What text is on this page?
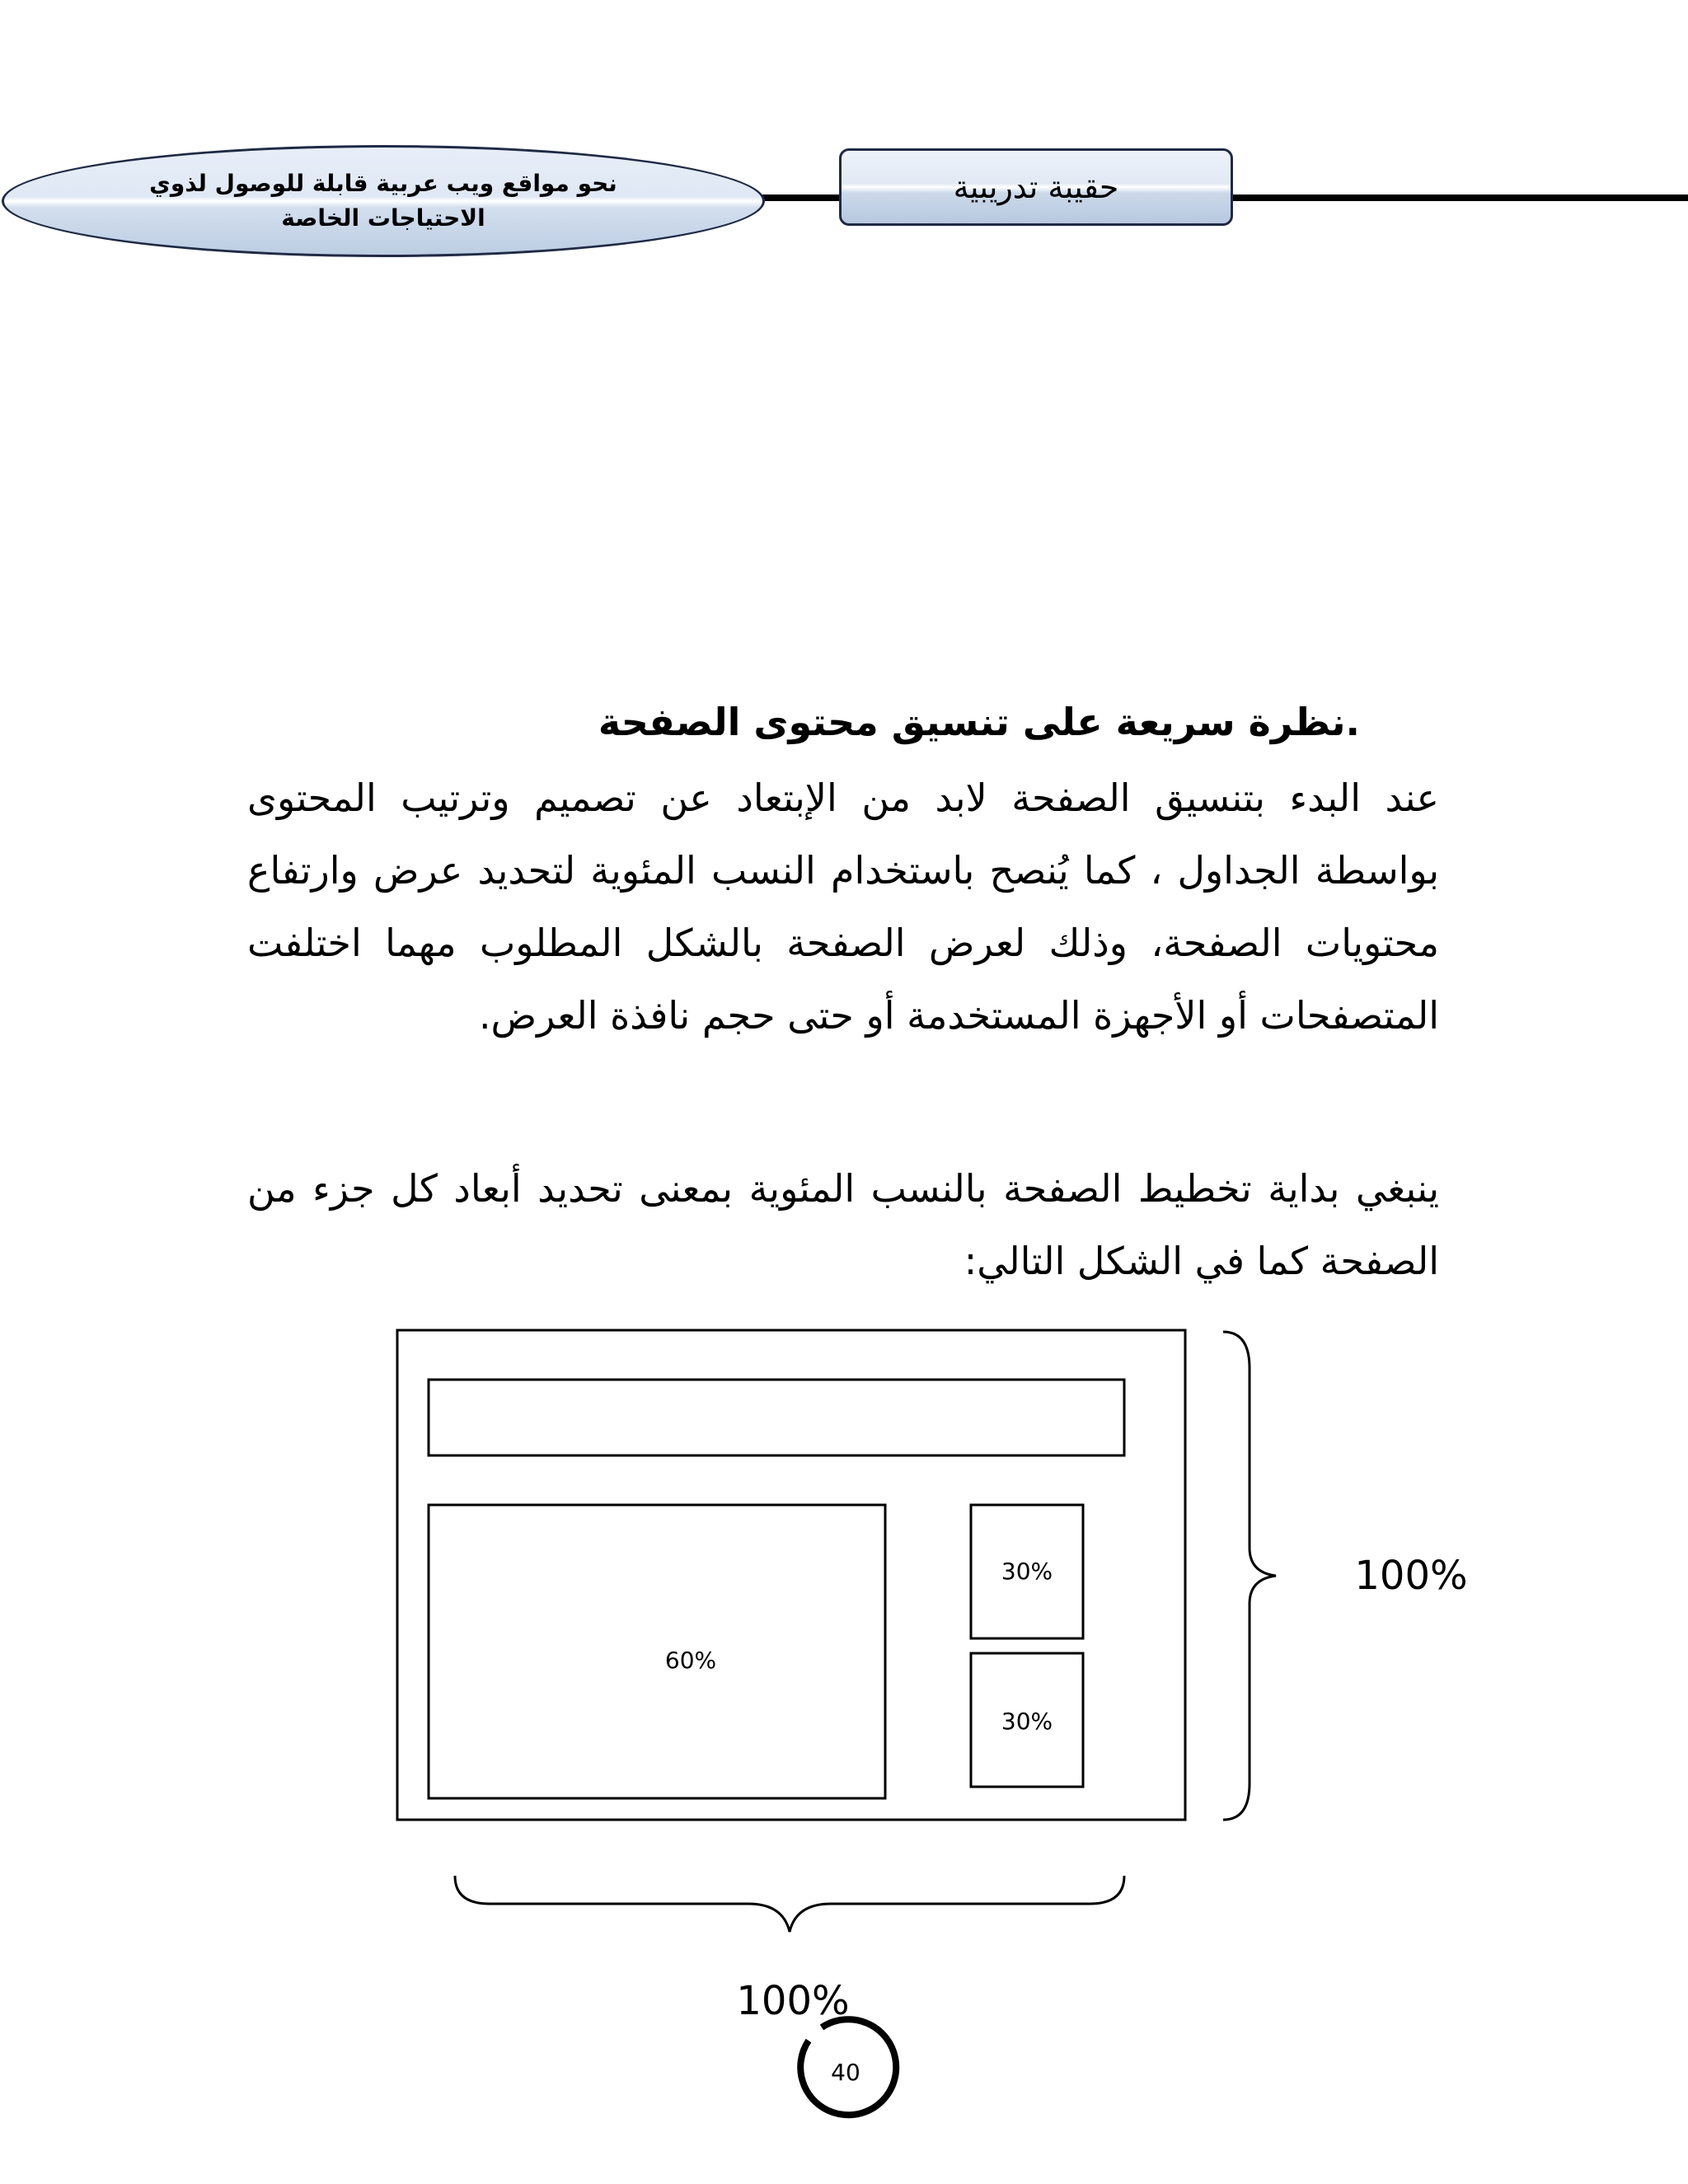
نحو مواقع ويب عربية قابلة للوصول لذوي الاحتياجات الخاصة
حقيبة تدريبية
.نظرة سريعة على تنسيق محتوى الصفحة

عند البدء بتنسيق الصفحة لابد من الإبتعاد عن تصميم وترتيب المحتوى بواسطة الجداول ، كما يُنصح باستخدام النسب المئوية لتحديد عرض وارتفاع محتويات الصفحة، وذلك لعرض الصفحة بالشكل المطلوب مهما اختلفت المتصفحات أو الأجهزة المستخدمة أو حتى حجم نافذة العرض.

ينبغي بداية تخطيط الصفحة بالنسب المئوية بمعنى تحديد أبعاد كل جزء من الصفحة كما في الشكل التالي:

60%
30%
30%
100%
100%
40
